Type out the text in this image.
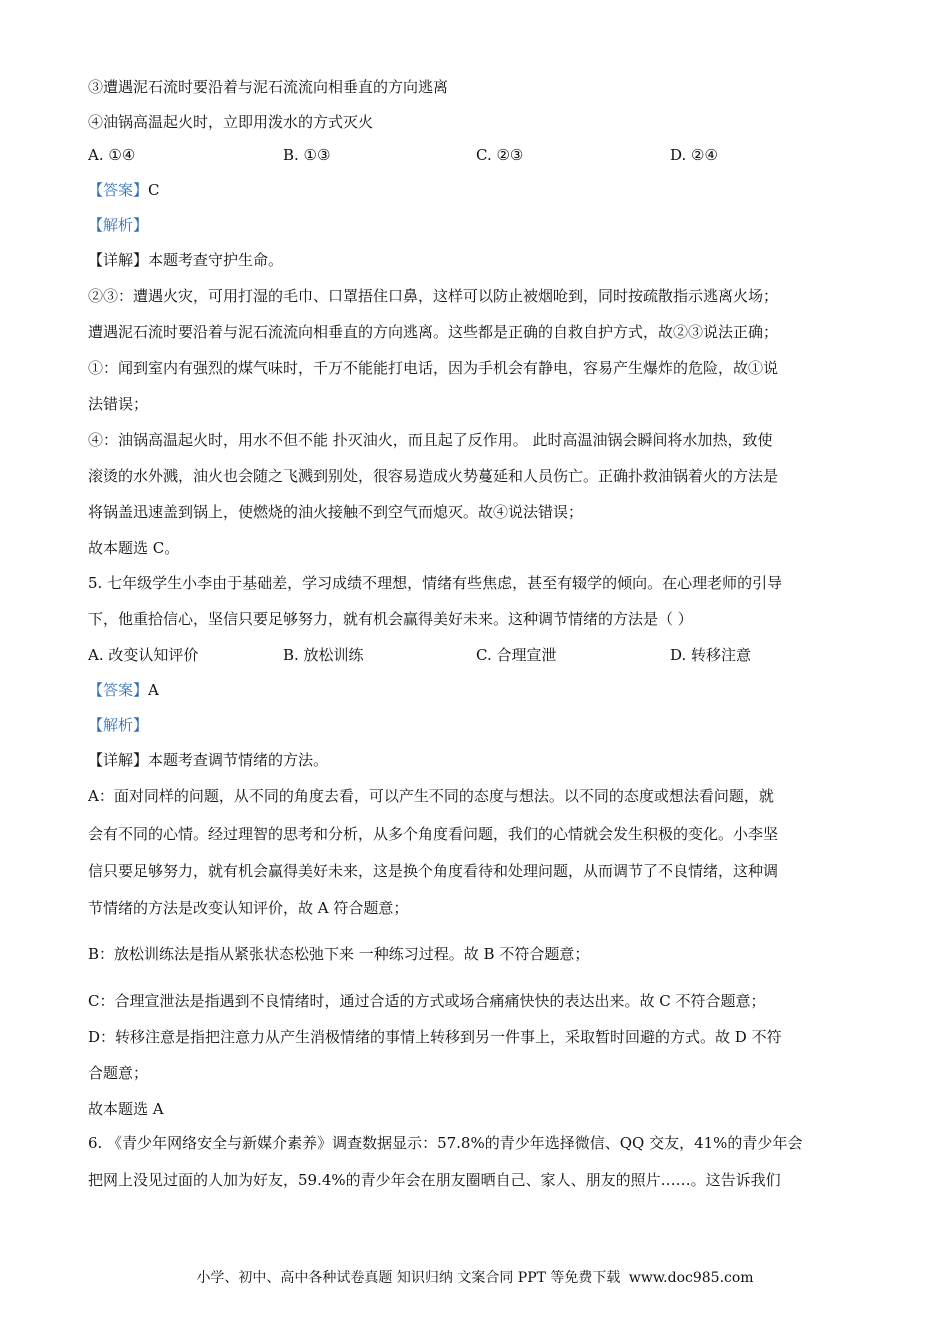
③遭遇泥石流时要沿着与泥石流流向相垂直的方向逃离
④油锅高温起火时，立即用泼水的方式灭火
A. ①④	B. ①③	C. ②③	D. ②④
【答案】C
【解析】
【详解】本题考查守护生命。
②③：遭遇火灾，可用打湿的毛巾、口罩捂住口鼻，这样可以防止被烟呛到，同时按疏散指示逃离火场；
遭遇泥石流时要沿着与泥石流流向相垂直的方向逃离。这些都是正确的自救自护方式，故②③说法正确；
①：闻到室内有强烈的煤气味时，千万不能能打电话，因为手机会有静电，容易产生爆炸的危险，故①说
法错误；
④：油锅高温起火时，用水不但不能 扑灭油火，而且起了反作用。 此时高温油锅会瞬间将水加热，致使
滚烫的水外溅，油火也会随之飞溅到别处，很容易造成火势蔓延和人员伤亡。正确扑救油锅着火的方法是
将锅盖迅速盖到锅上，使燃烧的油火接触不到空气而熄灭。故④说法错误；
故本题选 C。
5. 七年级学生小李由于基础差，学习成绩不理想，情绪有些焦虑，甚至有辍学的倾向。在心理老师的引导
下，他重拾信心，坚信只要足够努力，就有机会赢得美好未来。这种调节情绪的方法是（ ）
A. 改变认知评价	B. 放松训练	C. 合理宣泄	D. 转移注意
【答案】A
【解析】
【详解】本题考查调节情绪的方法。
A：面对同样的问题，从不同的角度去看，可以产生不同的态度与想法。以不同的态度或想法看问题，就
会有不同的心情。经过理智的思考和分析，从多个角度看问题，我们的心情就会发生积极的变化。小李坚
信只要足够努力，就有机会赢得美好未来，这是换个角度看待和处理问题，从而调节了不良情绪，这种调
节情绪的方法是改变认知评价，故 A 符合题意；
B：放松训练法是指从紧张状态松弛下来 一种练习过程。故 B 不符合题意；
C：合理宣泄法是指遇到不良情绪时，通过合适的方式或场合痛痛快快的表达出来。故 C 不符合题意；
D：转移注意是指把注意力从产生消极情绪的事情上转移到另一件事上，采取暂时回避的方式。故 D 不符
合题意；
故本题选 A
6. 《青少年网络安全与新媒介素养》调查数据显示：57.8%的青少年选择微信、QQ 交友，41%的青少年会
把网上没见过面的人加为好友，59.4%的青少年会在朋友圈晒自己、家人、朋友的照片……。这告诉我们
小学、初中、高中各种试卷真题 知识归纳 文案合同 PPT 等免费下载 www.doc985.com
